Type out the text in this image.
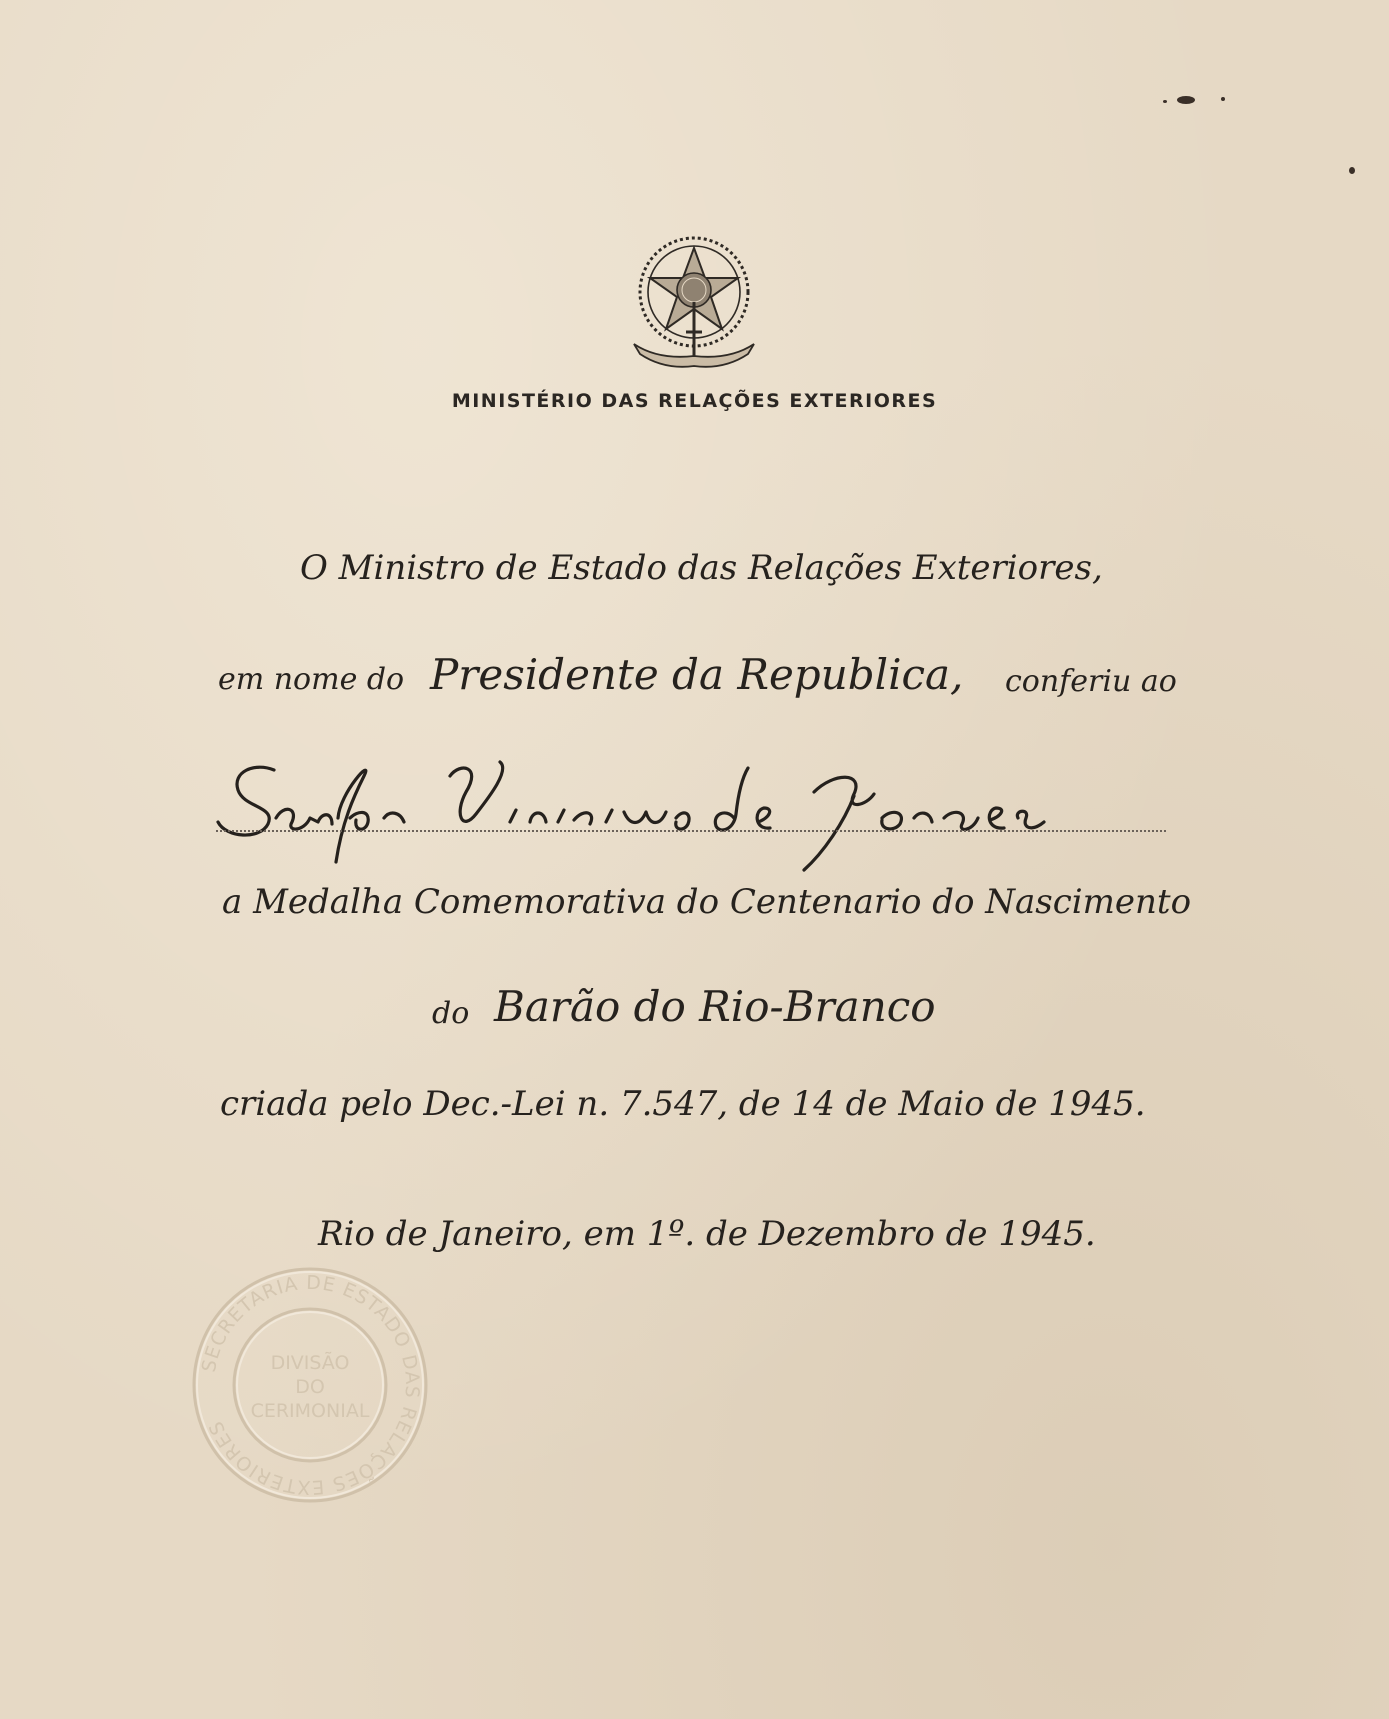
MINISTÉRIO DAS RELAÇÕES EXTERIORES
O Ministro de Estado das Relações Exteriores,
em nome do Presidente da Republica, conferiu ao
a Medalha Comemorativa do Centenario do Nascimento
do Barão do Rio-Branco
criada pelo Dec.-Lei n. 7.547, de 14 de Maio de 1945.
Rio de Janeiro, em 1º. de Dezembro de 1945.
SECRETARIA DE ESTADO DAS RELAÇÕES EXTERIORES
DIVISÃO
DO
CERIMONIAL
